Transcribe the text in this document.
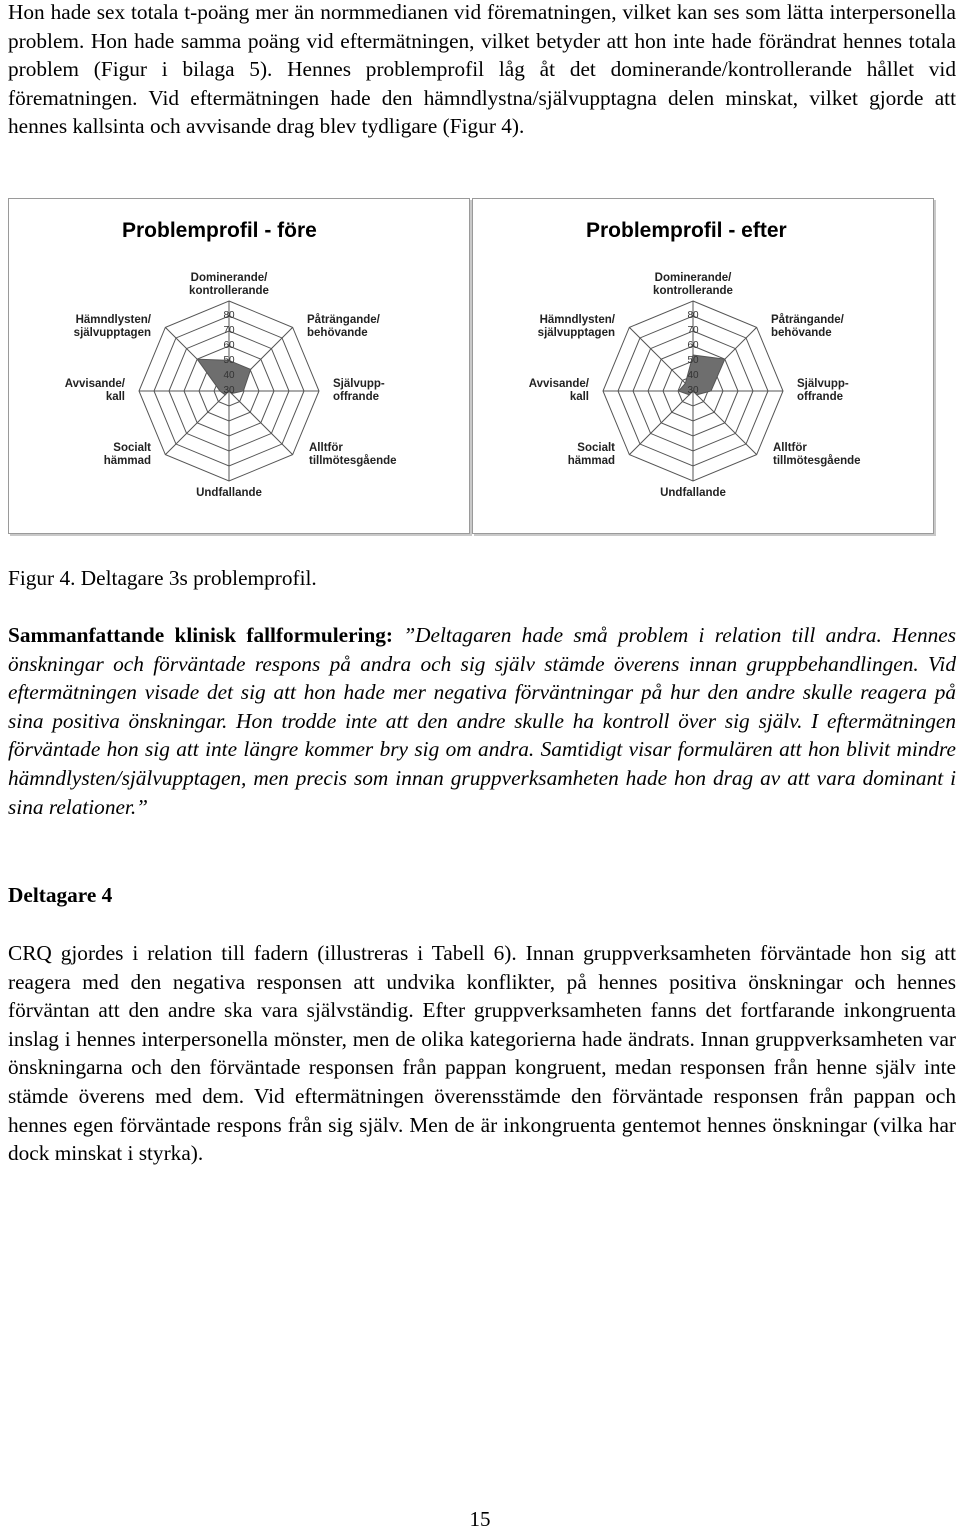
Hon hade sex totala t-poäng mer än normmedianen vid förematningen, vilket kan ses som lätta interpersonella problem. Hon hade samma poäng vid eftermätningen, vilket betyder att hon inte hade förändrat hennes totala problem (Figur i bilaga 5). Hennes problemprofil låg åt det dominerande/kontrollerande hållet vid förematningen. Vid eftermätningen hade den hämndlystna/självupptagna delen minskat, vilket gjorde att hennes kallsinta och avvisande drag blev tydligare (Figur 4).

Problemprofil - före
30
40
50
60
70
80
Dominerande/ kontrollerande
Påträngande/ behövande
Självupp-offrande
Alltför tillmötesgående
Undfallande
Socialt hämmad
Avvisande/ kall
Hämndlysten/ självupptagen
Problemprofil - efter
30
40
50
60
70
80
Dominerande/ kontrollerande
Påträngande/ behövande
Självupp-offrande
Alltför tillmötesgående
Undfallande
Socialt hämmad
Avvisande/ kall
Hämndlysten/ självupptagen

Figur 4. Deltagare 3s problemprofil.

Sammanfattande klinisk fallformulering: ”Deltagaren hade små problem i relation till andra. Hennes önskningar och förväntade respons på andra och sig själv stämde överens innan gruppbehandlingen. Vid eftermätningen visade det sig att hon hade mer negativa förväntningar på hur den andre skulle reagera på sina positiva önskningar. Hon trodde inte att den andre skulle ha kontroll över sig själv. I eftermätningen förväntade hon sig att inte längre kommer bry sig om andra. Samtidigt visar formulären att hon blivit mindre hämndlysten/självupptagen, men precis som innan gruppverksamheten hade hon drag av att vara dominant i sina relationer.”

Deltagare 4

CRQ gjordes i relation till fadern (illustreras i Tabell 6). Innan gruppverksamheten förväntade hon sig att reagera med den negativa responsen att undvika konflikter, på hennes positiva önskningar och hennes förväntan att den andre ska vara självständig. Efter gruppverksamheten fanns det fortfarande inkongruenta inslag i hennes interpersonella mönster, men de olika kategorierna hade ändrats. Innan gruppverksamheten var önskningarna och den förväntade responsen från pappan kongruent, medan responsen från henne själv inte stämde överens med dem. Vid eftermätningen överensstämde den förväntade responsen från pappan och hennes egen förväntade respons från sig själv. Men de är inkongruenta gentemot hennes önskningar (vilka har dock minskat i styrka).

15
